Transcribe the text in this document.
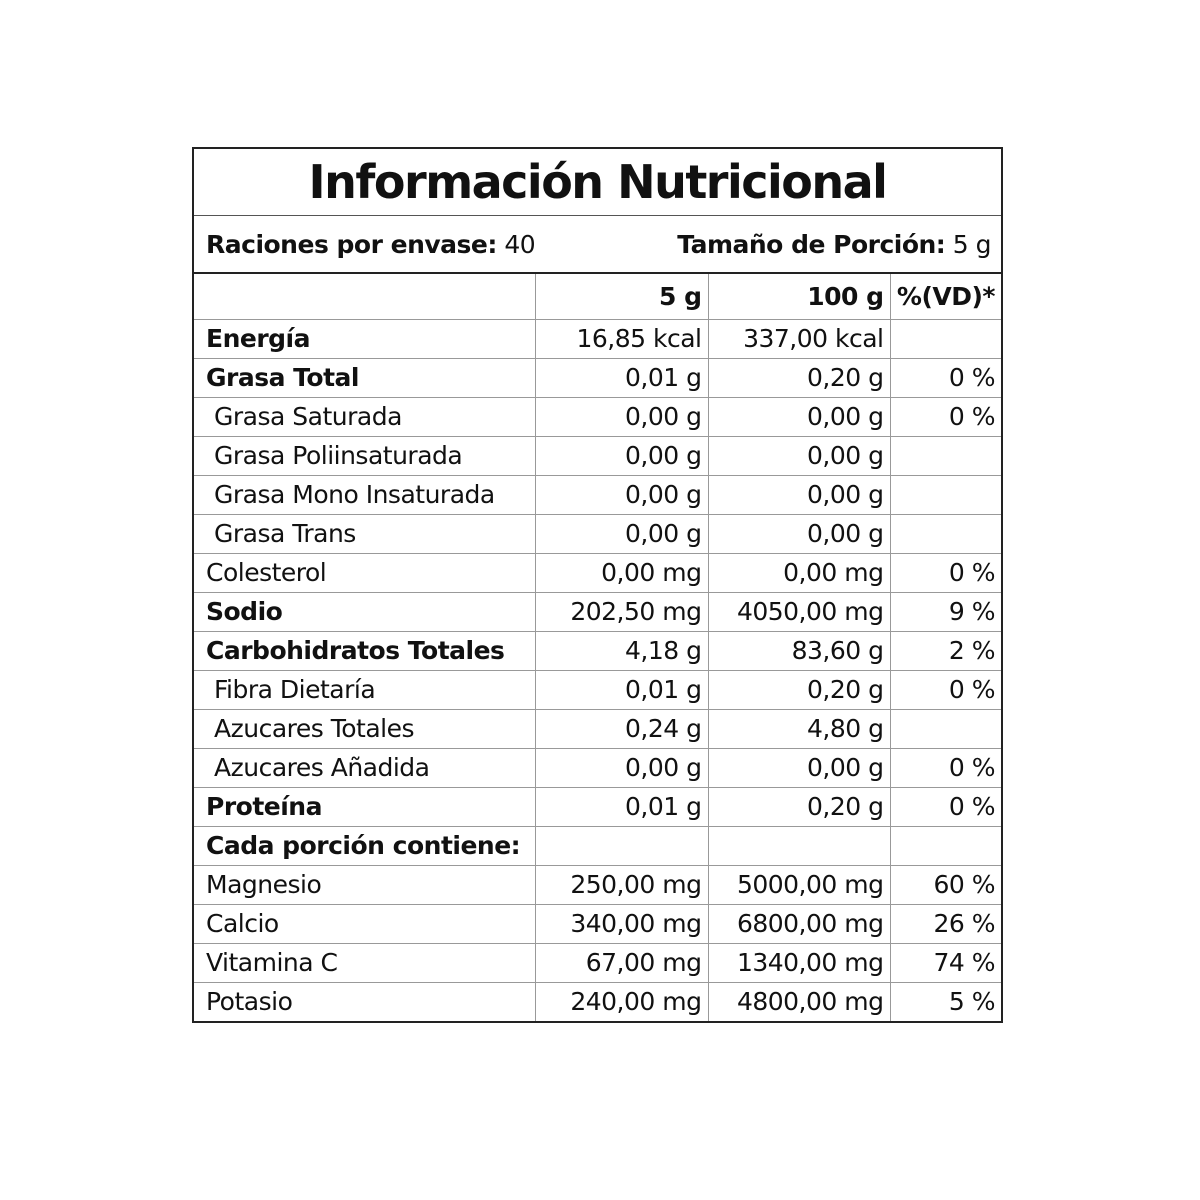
Información Nutricional
Raciones por envase: 40	Tamaño de Porción: 5 g
	5 g	100 g	%(VD)*
Energía	16,85 kcal	337,00 kcal	
Grasa Total	0,01 g	0,20 g	0 %
Grasa Saturada	0,00 g	0,00 g	0 %
Grasa Poliinsaturada	0,00 g	0,00 g	
Grasa Mono Insaturada	0,00 g	0,00 g	
Grasa Trans	0,00 g	0,00 g	
Colesterol	0,00 mg	0,00 mg	0 %
Sodio	202,50 mg	4050,00 mg	9 %
Carbohidratos Totales	4,18 g	83,60 g	2 %
Fibra Dietaría	0,01 g	0,20 g	0 %
Azucares Totales	0,24 g	4,80 g	
Azucares Añadida	0,00 g	0,00 g	0 %
Proteína	0,01 g	0,20 g	0 %
Cada porción contiene:			
Magnesio	250,00 mg	5000,00 mg	60 %
Calcio	340,00 mg	6800,00 mg	26 %
Vitamina C	67,00 mg	1340,00 mg	74 %
Potasio	240,00 mg	4800,00 mg	5 %
